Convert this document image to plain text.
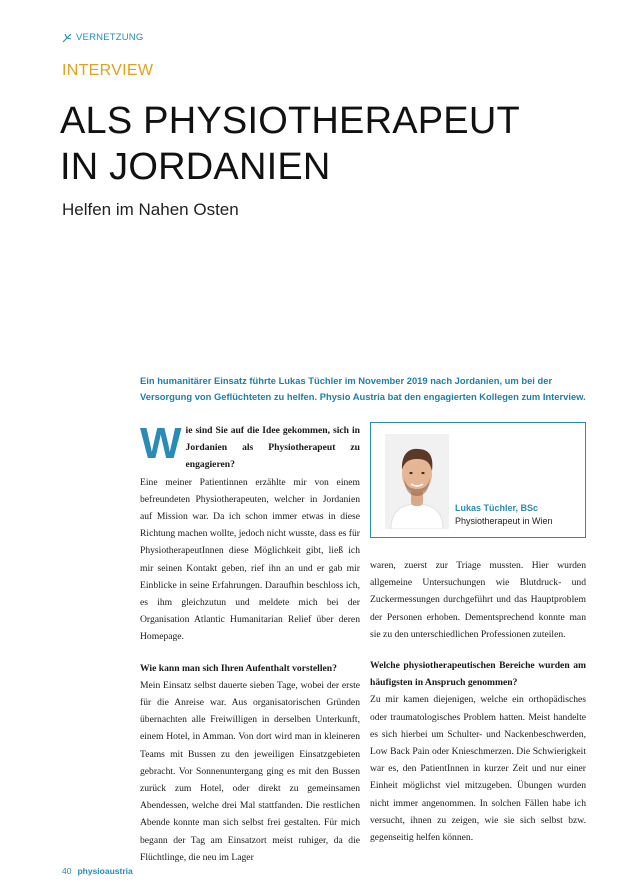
VERNETZUNG
INTERVIEW
ALS PHYSIOTHERAPEUT
IN JORDANIEN
Helfen im Nahen Osten
Ein humanitärer Einsatz führte Lukas Tüchler im November 2019 nach Jordanien, um bei der Versorgung von Geflüchteten zu helfen. Physio Austria bat den engagierten Kollegen zum Interview.

Wie sind Sie auf die Idee gekommen, sich in Jordanien als Physiotherapeut zu engagieren?

Eine meiner Patientinnen erzählte mir von einem befreundeten Physiotherapeuten, welcher in Jordanien auf Mission war. Da ich schon immer etwas in diese Richtung machen wollte, jedoch nicht wusste, dass es für PhysiotherapeutInnen diese Möglichkeit gibt, ließ ich mir seinen Kontakt geben, rief ihn an und er gab mir Einblicke in seine Erfahrungen. Daraufhin beschloss ich, es ihm gleichzutun und meldete mich bei der Organisation Atlantic Humanitarian Relief über deren Homepage.

Wie kann man sich Ihren Aufenthalt vorstellen?

Mein Einsatz selbst dauerte sieben Tage, wobei der erste für die Anreise war. Aus organisatorischen Gründen übernachten alle Freiwilligen in derselben Unterkunft, einem Hotel, in Amman. Von dort wird man in kleineren Teams mit Bussen zu den jeweiligen Einsatzgebieten gebracht. Vor Sonnenuntergang ging es mit den Bussen zurück zum Hotel, oder direkt zu gemeinsamen Abendessen, welche drei Mal stattfanden. Die restlichen Abende konnte man sich selbst frei gestalten. Für mich begann der Tag am Einsatzort meist ruhiger, da die Flüchtlinge, die neu im Lager

Lukas Tüchler, BSc
Physiotherapeut in Wien

waren, zuerst zur Triage mussten. Hier wurden allgemeine Untersuchungen wie Blutdruck- und Zuckermessungen durchgeführt und das Hauptproblem der Personen erhoben. Dementsprechend konnte man sie zu den unterschiedlichen Professionen zuteilen.

Welche physiotherapeutischen Bereiche wurden am häufigsten in Anspruch genommen?

Zu mir kamen diejenigen, welche ein orthopädisches oder traumatologisches Problem hatten. Meist handelte es sich hierbei um Schulter- und Nackenbeschwerden, Low Back Pain oder Knieschmerzen. Die Schwierigkeit war es, den PatientInnen in kurzer Zeit und nur einer Einheit möglichst viel mitzugeben. Übungen wurden nicht immer angenommen. In solchen Fällen habe ich versucht, ihnen zu zeigen, wie sie sich selbst bzw. gegenseitig helfen können.

40 physioaustria
